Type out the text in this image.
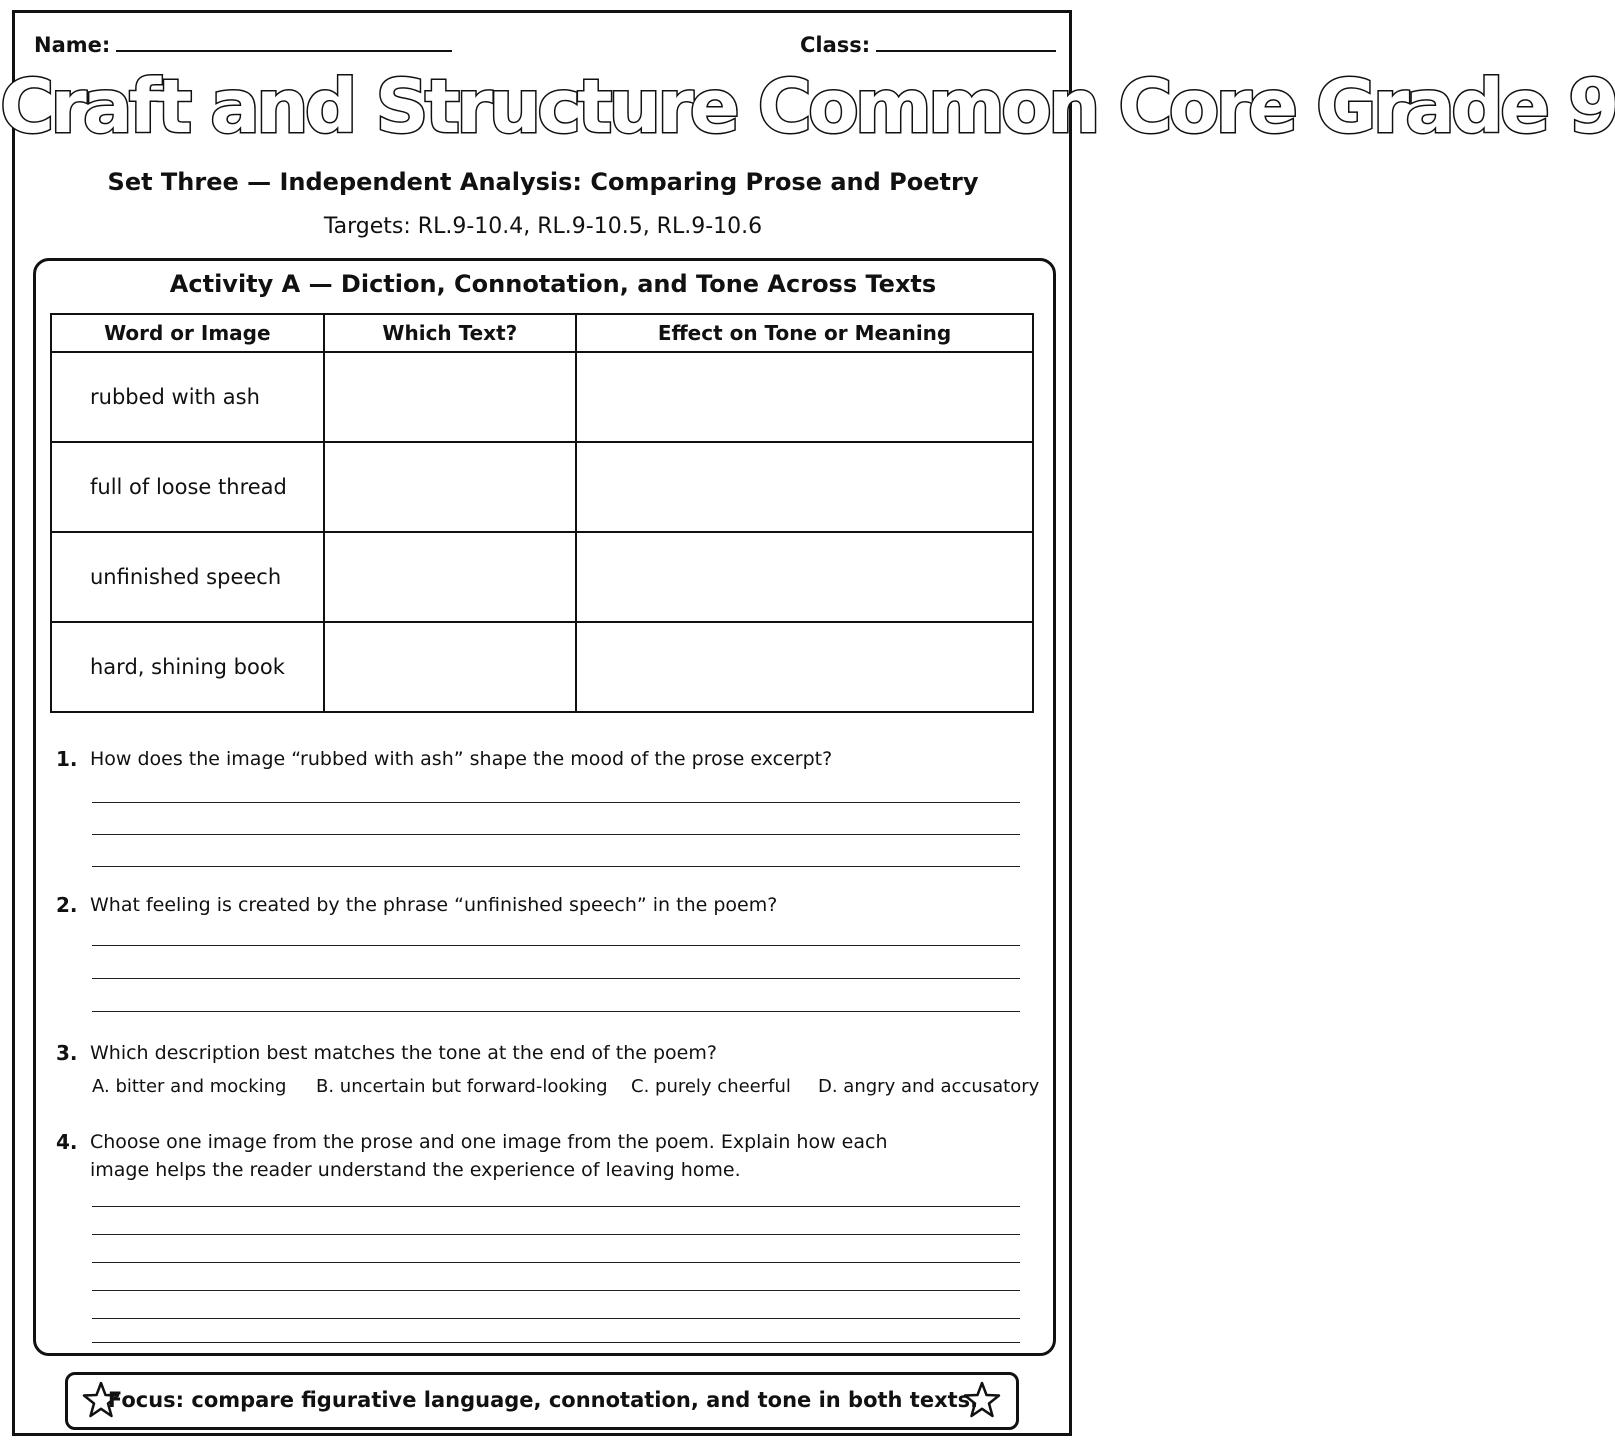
Name:	Class:
Craft and Structure Common Core Grade 9
Set Three — Independent Analysis: Comparing Prose and Poetry
Targets: RL.9-10.4, RL.9-10.5, RL.9-10.6
Activity A — Diction, Connotation, and Tone Across Texts
Word or Image	Which Text?	Effect on Tone or Meaning
rubbed with ash		
full of loose thread		
unfinished speech		
hard, shining book		
1. How does the image “rubbed with ash” shape the mood of the prose excerpt?
2. What feeling is created by the phrase “unfinished speech” in the poem?
3. Which description best matches the tone at the end of the poem?
A. bitter and mocking B. uncertain but forward-looking C. purely cheerful D. angry and accusatory
4. Choose one image from the prose and one image from the poem. Explain how each image helps the reader understand the experience of leaving home.
Focus: compare figurative language, connotation, and tone in both texts.
